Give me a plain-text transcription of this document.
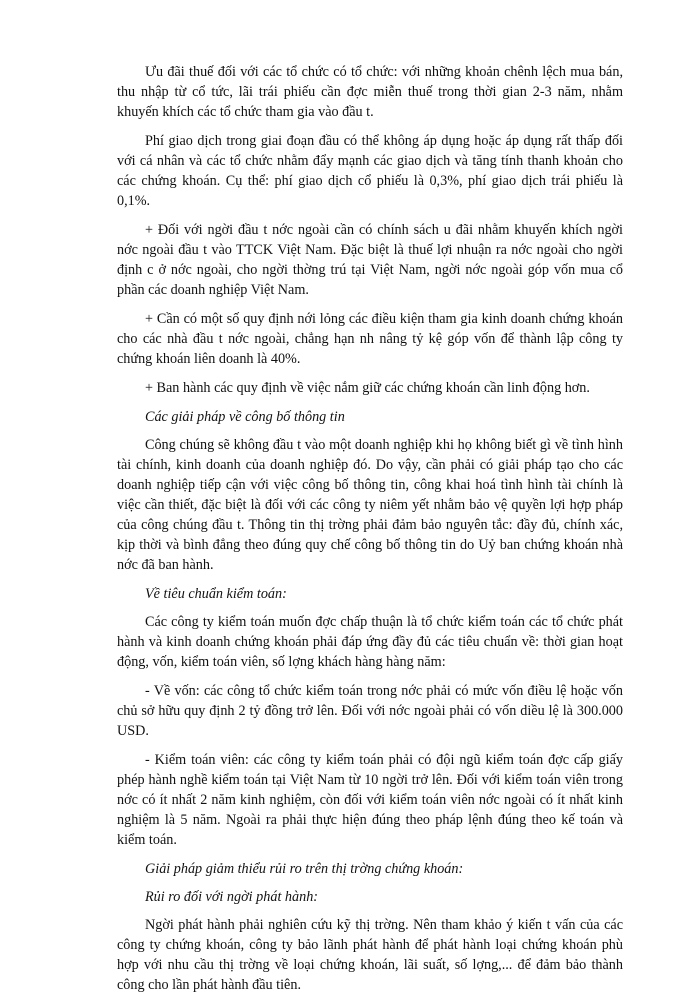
Ưu đãi thuế đối với các tổ chức có tổ chức: với những khoản chênh lệch mua bán, thu nhập từ cổ tức, lãi trái phiếu cần đợc miễn thuế trong thời gian 2-3 năm, nhằm khuyến khích các tổ chức tham gia vào đầu t.

Phí giao dịch trong giai đoạn đầu có thể không áp dụng hoặc áp dụng rất thấp đối với cá nhân và các tổ chức nhằm đẩy mạnh các giao dịch và tăng tính thanh khoản cho các chứng khoán. Cụ thể: phí giao dịch cổ phiếu là 0,3%, phí giao dịch trái phiếu là 0,1%.

+ Đối với ngời đầu t nớc ngoài cần có chính sách u đãi nhằm khuyến khích ngời nớc ngoài đầu t vào TTCK Việt Nam. Đặc biệt là thuế lợi nhuận ra nớc ngoài cho ngời định c ở nớc ngoài, cho ngời thờng trú tại Việt Nam, ngời nớc ngoài góp vốn mua cổ phần các doanh nghiệp Việt Nam.

+ Cần có một số quy định nới lỏng các điều kiện tham gia kinh doanh chứng khoán cho các nhà đầu t nớc ngoài, chẳng hạn nh nâng tỷ kệ góp vốn để thành lập công ty chứng khoán liên doanh là 40%.

+ Ban hành các quy định về việc nắm giữ các chứng khoán cần linh động hơn.

Các giải pháp về công bố thông tin

Công chúng sẽ không đầu t vào một doanh nghiệp khi họ không biết gì về tình hình tài chính, kinh doanh của doanh nghiệp đó. Do vậy, cần phải có giải pháp tạo cho các doanh nghiệp tiếp cận với việc công bố thông tin, công khai hoá tình hình tài chính là việc cần thiết, đặc biệt là đối với các công ty niêm yết nhằm bảo vệ quyền lợi hợp pháp của công chúng đầu t. Thông tin thị trờng phải đảm bảo nguyên tắc: đầy đủ, chính xác, kịp thời và bình đẳng theo đúng quy chế công bố thông tin do Uỷ ban chứng khoán nhà nớc đã ban hành.

Về tiêu chuẩn kiểm toán:

Các công ty kiểm toán muốn đợc chấp thuận là tổ chức kiểm toán các tổ chức phát hành và kinh doanh chứng khoán phải đáp ứng đầy đủ các tiêu chuẩn về: thời gian hoạt động, vốn, kiểm toán viên, số lợng khách hàng hàng năm:

- Về vốn: các công tổ chức kiểm toán trong nớc phải có mức vốn điều lệ hoặc vốn chủ sở hữu quy định 2 tỷ đồng trở lên. Đối với nớc ngoài phải có vốn diều lệ là 300.000 USD.

- Kiểm toán viên: các công ty kiểm toán phải có đội ngũ kiểm toán đợc cấp giấy phép hành nghề kiểm toán tại Việt Nam từ 10 ngời trở lên. Đối với kiểm toán viên trong nớc có ít nhất 2 năm kinh nghiệm, còn đối với kiểm toán viên nớc ngoài có ít nhất kinh nghiệm là 5 năm. Ngoài ra phải thực hiện đúng theo pháp lệnh đúng theo kế toán và kiểm toán.

Giải pháp giảm thiểu rủi ro trên thị trờng chứng khoán:

Rủi ro đối với ngời phát hành:

Ngời phát hành phải nghiên cứu kỹ thị trờng. Nên tham khảo ý kiến t vấn của các công ty chứng khoán, công ty bảo lãnh phát hành để phát hành loại chứng khoán phù hợp với nhu cầu thị trờng về loại chứng khoán, lãi suất, số lợng,... để đảm bảo thành công cho lần phát hành đầu tiên.
